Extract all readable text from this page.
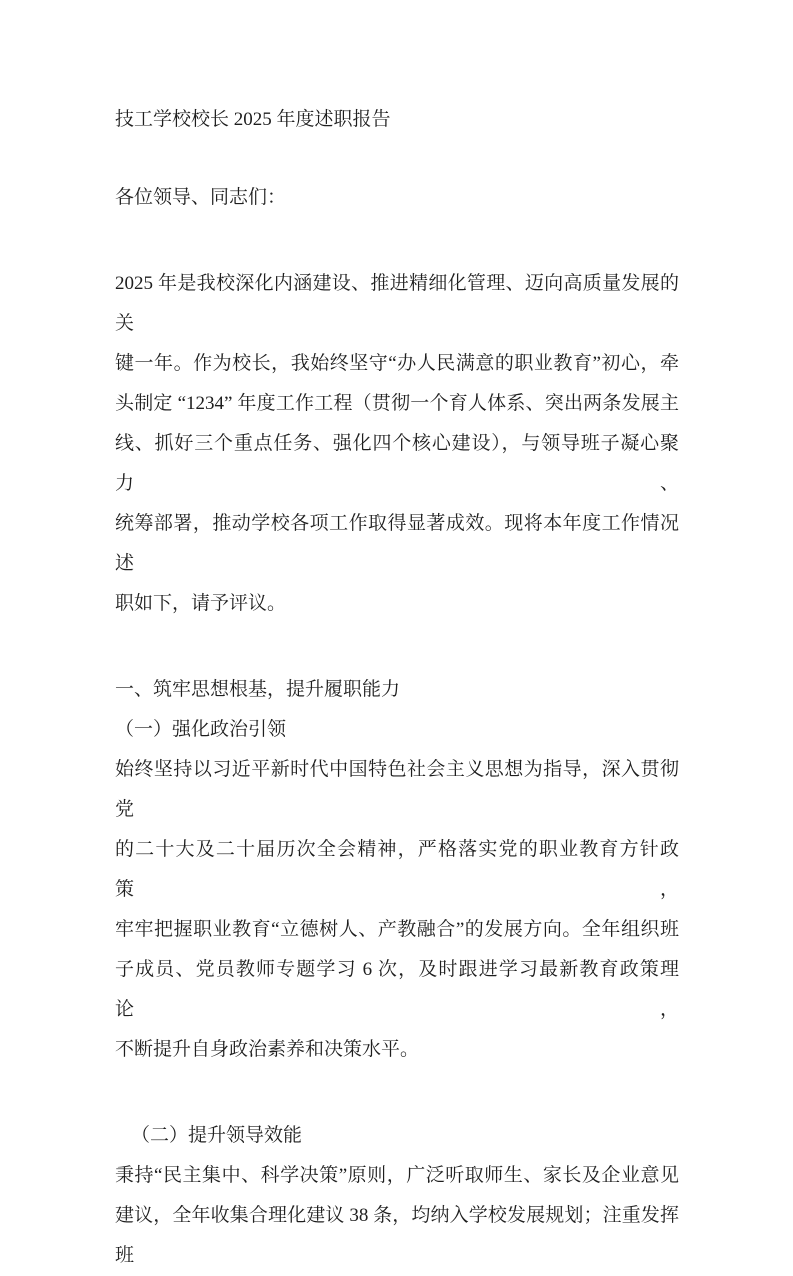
技工学校校长 2025 年度述职报告
各位领导、同志们：
2025 年是我校深化内涵建设、推进精细化管理、迈向高质量发展的关
键一年。作为校长，我始终坚守“办人民满意的职业教育”初心，牵
头制定 “1234” 年度工作工程（贯彻一个育人体系、突出两条发展主
线、抓好三个重点任务、强化四个核心建设），与领导班子凝心聚力、
统筹部署，推动学校各项工作取得显著成效。现将本年度工作情况述
职如下，请予评议。
一、筑牢思想根基，提升履职能力
（一）强化政治引领
始终坚持以习近平新时代中国特色社会主义思想为指导，深入贯彻党
的二十大及二十届历次全会精神，严格落实党的职业教育方针政策，
牢牢把握职业教育“立德树人、产教融合”的发展方向。全年组织班
子成员、党员教师专题学习 6 次，及时跟进学习最新教育政策理论，
不断提升自身政治素养和决策水平。
（二）提升领导效能
秉持“民主集中、科学决策”原则，广泛听取师生、家长及企业意见
建议，全年收集合理化建议 38 条，均纳入学校发展规划；注重发挥班
